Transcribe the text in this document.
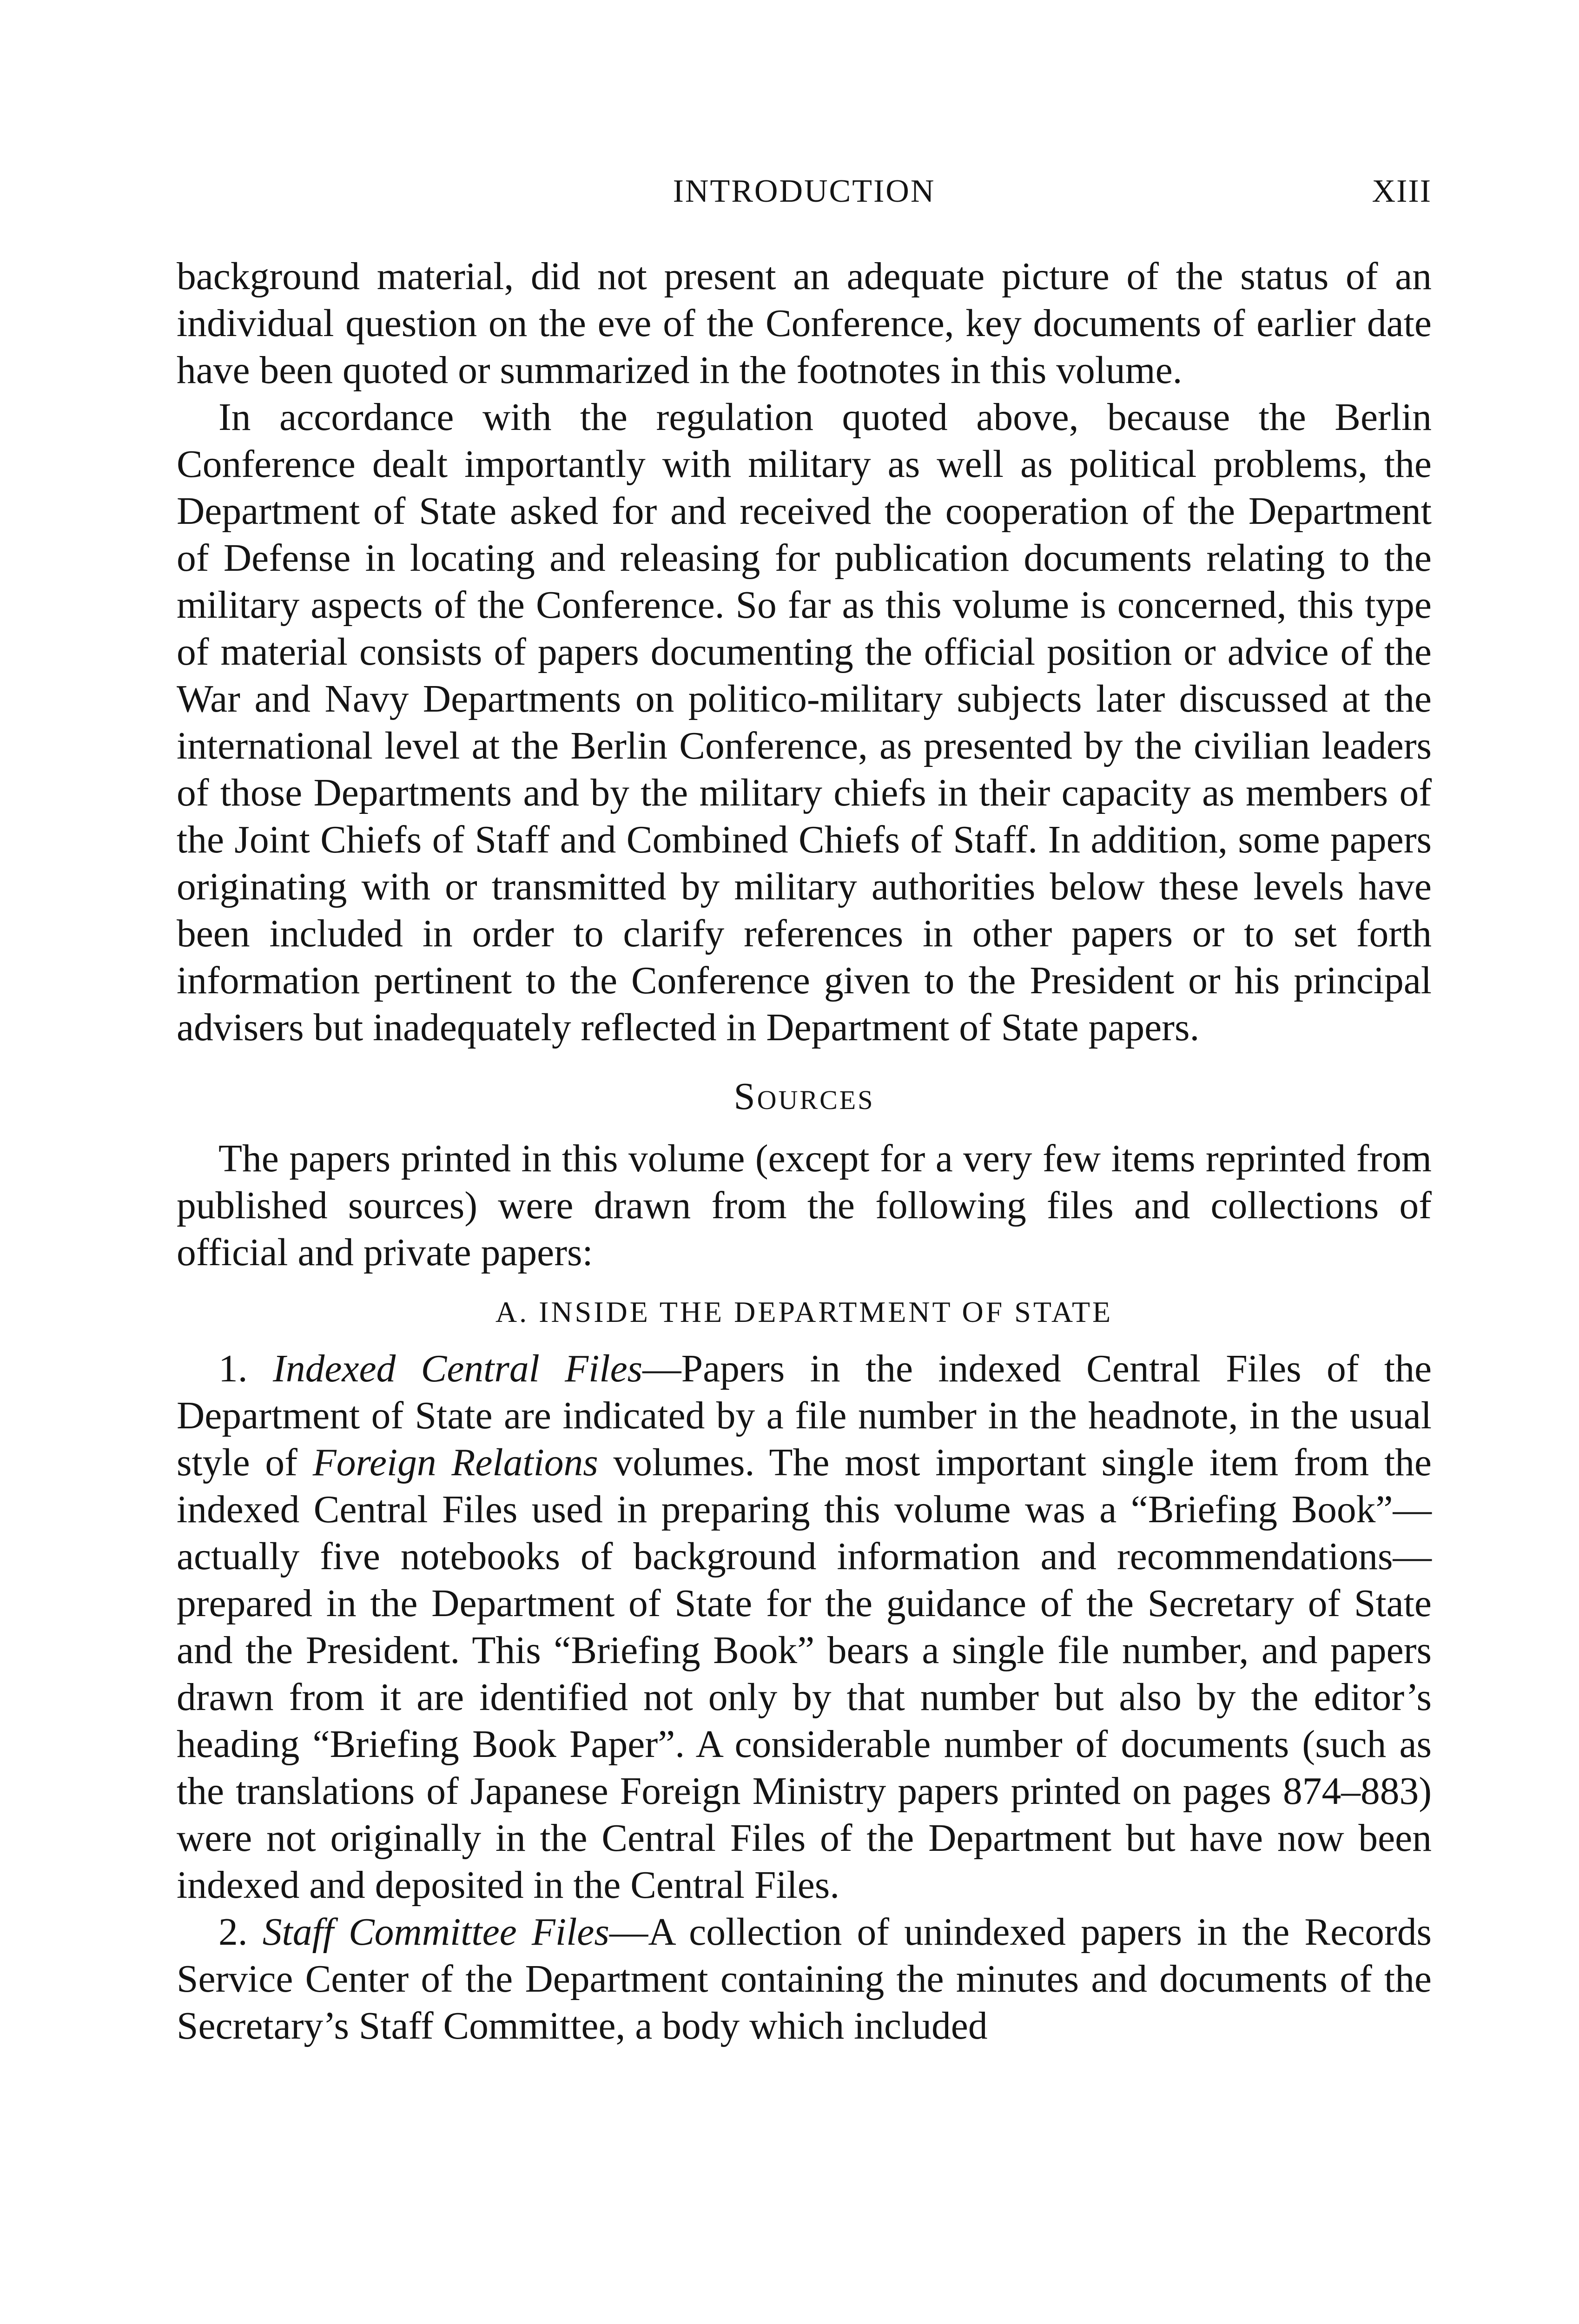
INTRODUCTION	XIII

background material, did not present an adequate picture of the status of an individual question on the eve of the Conference, key documents of earlier date have been quoted or summarized in the footnotes in this volume.

In accordance with the regulation quoted above, because the Berlin Conference dealt importantly with military as well as political problems, the Department of State asked for and received the cooperation of the Department of Defense in locating and releasing for publication documents relating to the military aspects of the Conference. So far as this volume is concerned, this type of material consists of papers documenting the official position or advice of the War and Navy Departments on politico-military subjects later discussed at the international level at the Berlin Conference, as presented by the civilian leaders of those Departments and by the military chiefs in their capacity as members of the Joint Chiefs of Staff and Combined Chiefs of Staff. In addition, some papers originating with or transmitted by military authorities below these levels have been included in order to clarify references in other papers or to set forth information pertinent to the Conference given to the President or his principal advisers but inadequately reflected in Department of State papers.

Sources

The papers printed in this volume (except for a very few items reprinted from published sources) were drawn from the following files and collections of official and private papers:

A. INSIDE THE DEPARTMENT OF STATE

1. Indexed Central Files—Papers in the indexed Central Files of the Department of State are indicated by a file number in the headnote, in the usual style of Foreign Relations volumes. The most important single item from the indexed Central Files used in preparing this volume was a “Briefing Book”—actually five notebooks of background information and recommendations—prepared in the Department of State for the guidance of the Secretary of State and the President. This “Briefing Book” bears a single file number, and papers drawn from it are identified not only by that number but also by the editor’s heading “Briefing Book Paper”. A considerable number of documents (such as the translations of Japanese Foreign Ministry papers printed on pages 874–883) were not originally in the Central Files of the Department but have now been indexed and deposited in the Central Files.

2. Staff Committee Files—A collection of unindexed papers in the Records Service Center of the Department containing the minutes and documents of the Secretary’s Staff Committee, a body which included
